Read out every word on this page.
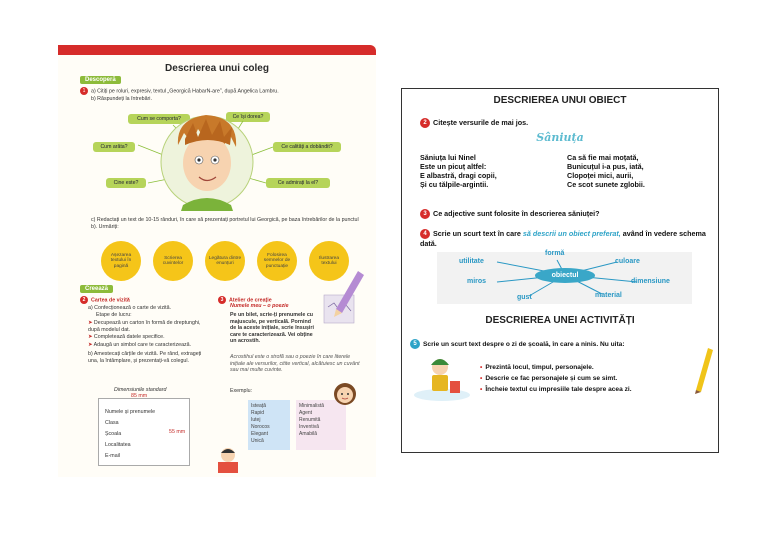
Descrierea unui coleg
Descoperă
1 a) Citiți pe roluri, expresiv, textul „Georgică HabarN-are”, după Angelica Lambru.
b) Răspundeți la întrebări.
Cum se comporta?	Ce își dorea?
Cum arăta?	Ce calități a dobândit?
Cine este?	Ce admirați la el?
c) Redactați un text de 10-15 rânduri, în care să prezentați portretul lui Georgică, pe baza întrebărilor de la punctul b). Urmăriți:
Așezarea textului în pagină
Scrierea cuvintelor
Legătura dintre enunțuri
Folosirea semnelor de punctuație
Ilustrarea textului
Creează
2 Cartea de vizită
a) Confecționează o carte de vizită.
Etape de lucru:
➤ Decupează un carton în formă de dreptunghi, după modelul dat.
➤ Completează datele specifice.
➤ Adaugă un simbol care te caracterizează.
b) Amestecați cărțile de vizită. Pe rând, extrageți una, la întâmplare, și prezentați-vă colegul.
Dimensiunile standard
85 mm
Numele și prenumele
Clasa
Școala
Localitatea
E-mail
55 mm
3 Atelier de creație
Numele meu – o poezie
Pe un bilet, scrie-ți prenumele cu majuscule, pe verticală. Pornind de la aceste inițiale, scrie însușiri care te caracterizează. Vei obține un acrostih.
Acrostihul este o strofă sau o poezie în care literele inițiale ale versurilor, citite vertical, alcătuiesc un cuvânt sau mai multe cuvinte.
Exemplu:
Isteață
Rapid
Iutej
Norocos
Elegant
Unică
Minimalistă
Agent
Renumită
Inventivă
Amabilă
DESCRIEREA UNUI OBIECT
2 Citește versurile de mai jos.
Sâniuța
Săniuța lui Ninel
Este un picuț altfel:
E albastră, dragi copii,
Și cu tălpile-argintii.
Ca să fie mai moțată,
Bunicuțul i-a pus, iată,
Clopoței mici, aurii,
Ce scot sunete zglobii.
3 Ce adjective sunt folosite în descrierea săniuței?
4 Scrie un scurt text în care să descrii un obiect preferat, având în vedere schema dată.
obiectul
formă
utilitate	culoare
miros	dimensiune
gust	material
DESCRIEREA UNEI ACTIVITĂȚI
5 Scrie un scurt text despre o zi de școală, în care a ninis. Nu uita:
• Prezintă locul, timpul, personajele.
• Descrie ce fac personajele și cum se simt.
• Încheie textul cu impresiile tale despre acea zi.
